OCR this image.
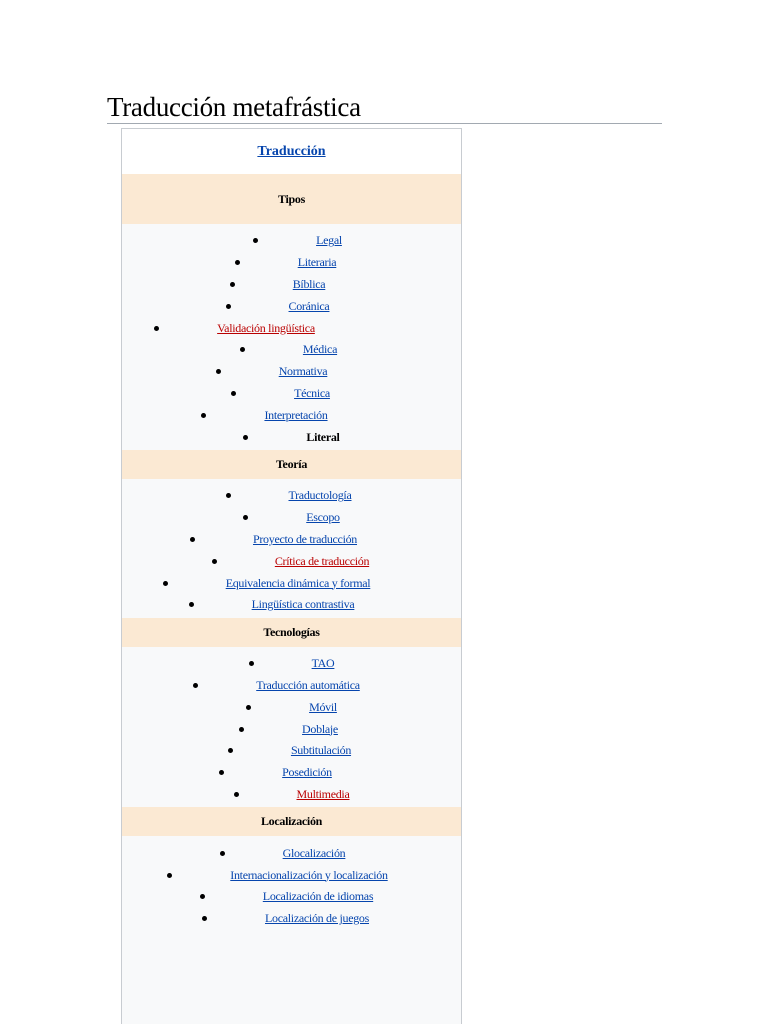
Traducción metafrástica
Traducción
Tipos
Legal
Literaria
Bíblica
Coránica
Validación lingüística
Médica
Normativa
Técnica
Interpretación
Literal
Teoría
Traductología
Escopo
Proyecto de traducción
Crítica de traducción
Equivalencia dinámica y formal
Lingüística contrastiva
Tecnologías
TAO
Traducción automática
Móvil
Doblaje
Subtitulación
Posedición
Multimedia
Localización
Glocalización
Internacionalización y localización
Localización de idiomas
Localización de juegos
